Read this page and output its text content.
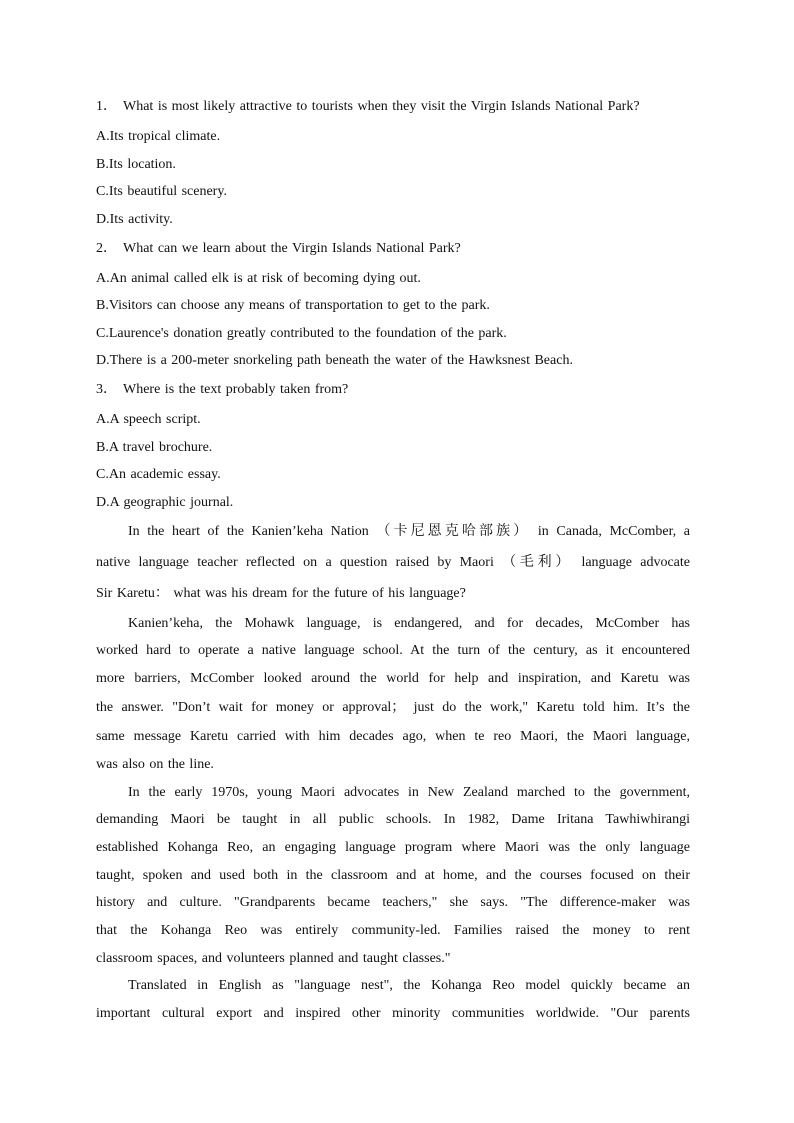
1． What is most likely attractive to tourists when they visit the Virgin Islands National Park?
A.Its tropical climate.
B.Its location.
C.Its beautiful scenery.
D.Its activity.
2． What can we learn about the Virgin Islands National Park?
A.An animal called elk is at risk of becoming dying out.
B.Visitors can choose any means of transportation to get to the park.
C.Laurence's donation greatly contributed to the foundation of the park.
D.There is a 200-meter snorkeling path beneath the water of the Hawksnest Beach.
3． Where is the text probably taken from?
A.A speech script.
B.A travel brochure.
C.An academic essay.
D.A geographic journal.
In the heart of the Kanien’keha Nation （卡尼恩克哈部族） in Canada, McComber, a
native language teacher reflected on a question raised by Maori （毛利） language advocate
Sir Karetu： what was his dream for the future of his language?
Kanien’keha, the Mohawk language, is endangered, and for decades, McComber has
worked hard to operate a native language school. At the turn of the century, as it encountered
more barriers, McComber looked around the world for help and inspiration, and Karetu was
the answer. "Don’t wait for money or approval； just do the work," Karetu told him. It’s the
same message Karetu carried with him decades ago, when te reo Maori, the Maori language,
was also on the line.
In the early 1970s, young Maori advocates in New Zealand marched to the government,
demanding Maori be taught in all public schools. In 1982, Dame Iritana Tawhiwhirangi
established Kohanga Reo, an engaging language program where Maori was the only language
taught, spoken and used both in the classroom and at home, and the courses focused on their
history and culture. "Grandparents became teachers," she says. "The difference-maker was
that the Kohanga Reo was entirely community-led. Families raised the money to rent
classroom spaces, and volunteers planned and taught classes."
Translated in English as "language nest", the Kohanga Reo model quickly became an
important cultural export and inspired other minority communities worldwide. "Our parents
